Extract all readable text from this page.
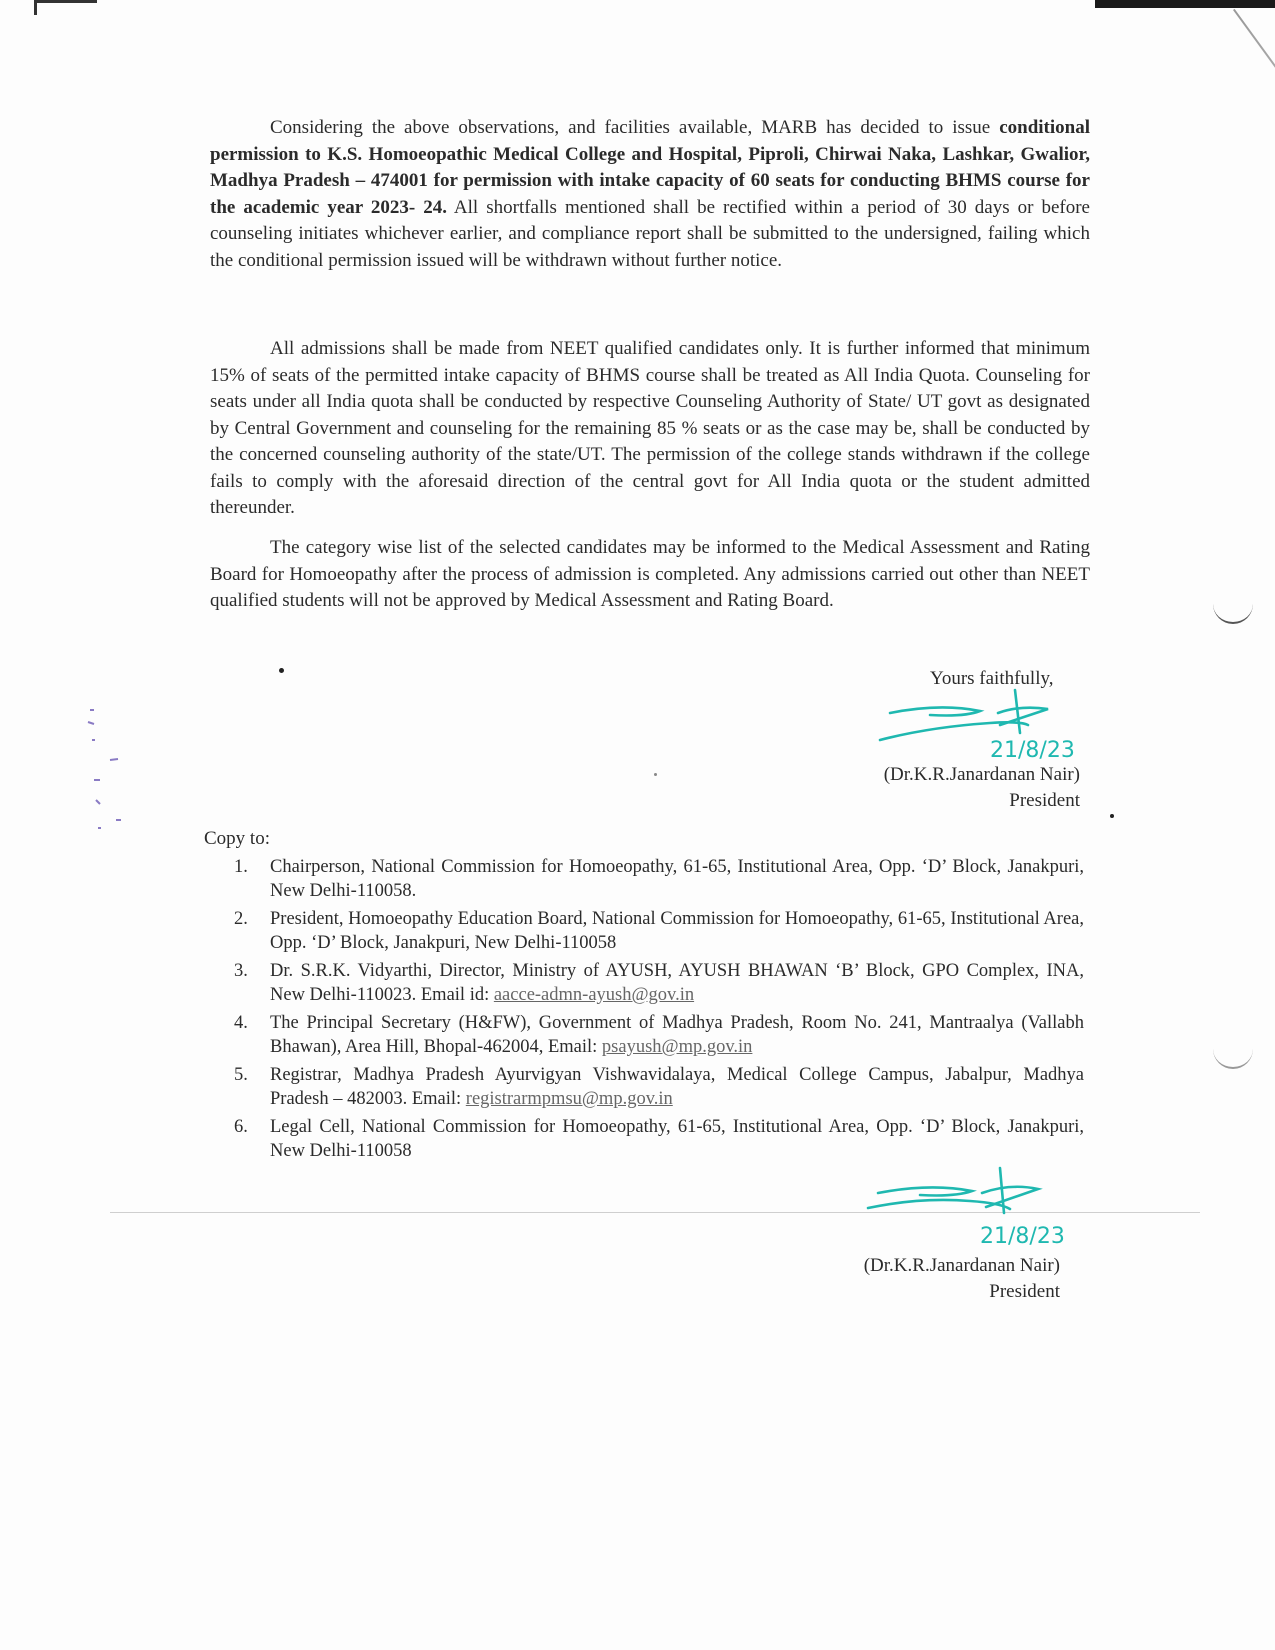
Considering the above observations, and facilities available, MARB has decided to issue conditional permission to K.S. Homoeopathic Medical College and Hospital, Piproli, Chirwai Naka, Lashkar, Gwalior, Madhya Pradesh – 474001 for permission with intake capacity of 60 seats for conducting BHMS course for the academic year 2023- 24. All shortfalls mentioned shall be rectified within a period of 30 days or before counseling initiates whichever earlier, and compliance report shall be submitted to the undersigned, failing which the conditional permission issued will be withdrawn without further notice.

All admissions shall be made from NEET qualified candidates only. It is further informed that minimum 15% of seats of the permitted intake capacity of BHMS course shall be treated as All India Quota. Counseling for seats under all India quota shall be conducted by respective Counseling Authority of State/ UT govt as designated by Central Government and counseling for the remaining 85 % seats or as the case may be, shall be conducted by the concerned counseling authority of the state/UT. The permission of the college stands withdrawn if the college fails to comply with the aforesaid direction of the central govt for All India quota or the student admitted thereunder.

The category wise list of the selected candidates may be informed to the Medical Assessment and Rating Board for Homoeopathy after the process of admission is completed. Any admissions carried out other than NEET qualified students will not be approved by Medical Assessment and Rating Board.

Yours faithfully,
21/8/23
(Dr.K.R.Janardanan Nair)
President
Copy to:
1. Chairperson, National Commission for Homoeopathy, 61-65, Institutional Area, Opp. ‘D’ Block, Janakpuri, New Delhi-110058.
2. President, Homoeopathy Education Board, National Commission for Homoeopathy, 61-65, Institutional Area, Opp. ‘D’ Block, Janakpuri, New Delhi-110058
3. Dr. S.R.K. Vidyarthi, Director, Ministry of AYUSH, AYUSH BHAWAN ‘B’ Block, GPO Complex, INA, New Delhi-110023. Email id: aacce-admn-ayush@gov.in
4. The Principal Secretary (H&FW), Government of Madhya Pradesh, Room No. 241, Mantraalya (Vallabh Bhawan), Area Hill, Bhopal-462004, Email: psayush@mp.gov.in
5. Registrar, Madhya Pradesh Ayurvigyan Vishwavidalaya, Medical College Campus, Jabalpur, Madhya Pradesh – 482003. Email: registrarmpmsu@mp.gov.in
6. Legal Cell, National Commission for Homoeopathy, 61-65, Institutional Area, Opp. ‘D’ Block, Janakpuri, New Delhi-110058
21/8/23
(Dr.K.R.Janardanan Nair)
President
